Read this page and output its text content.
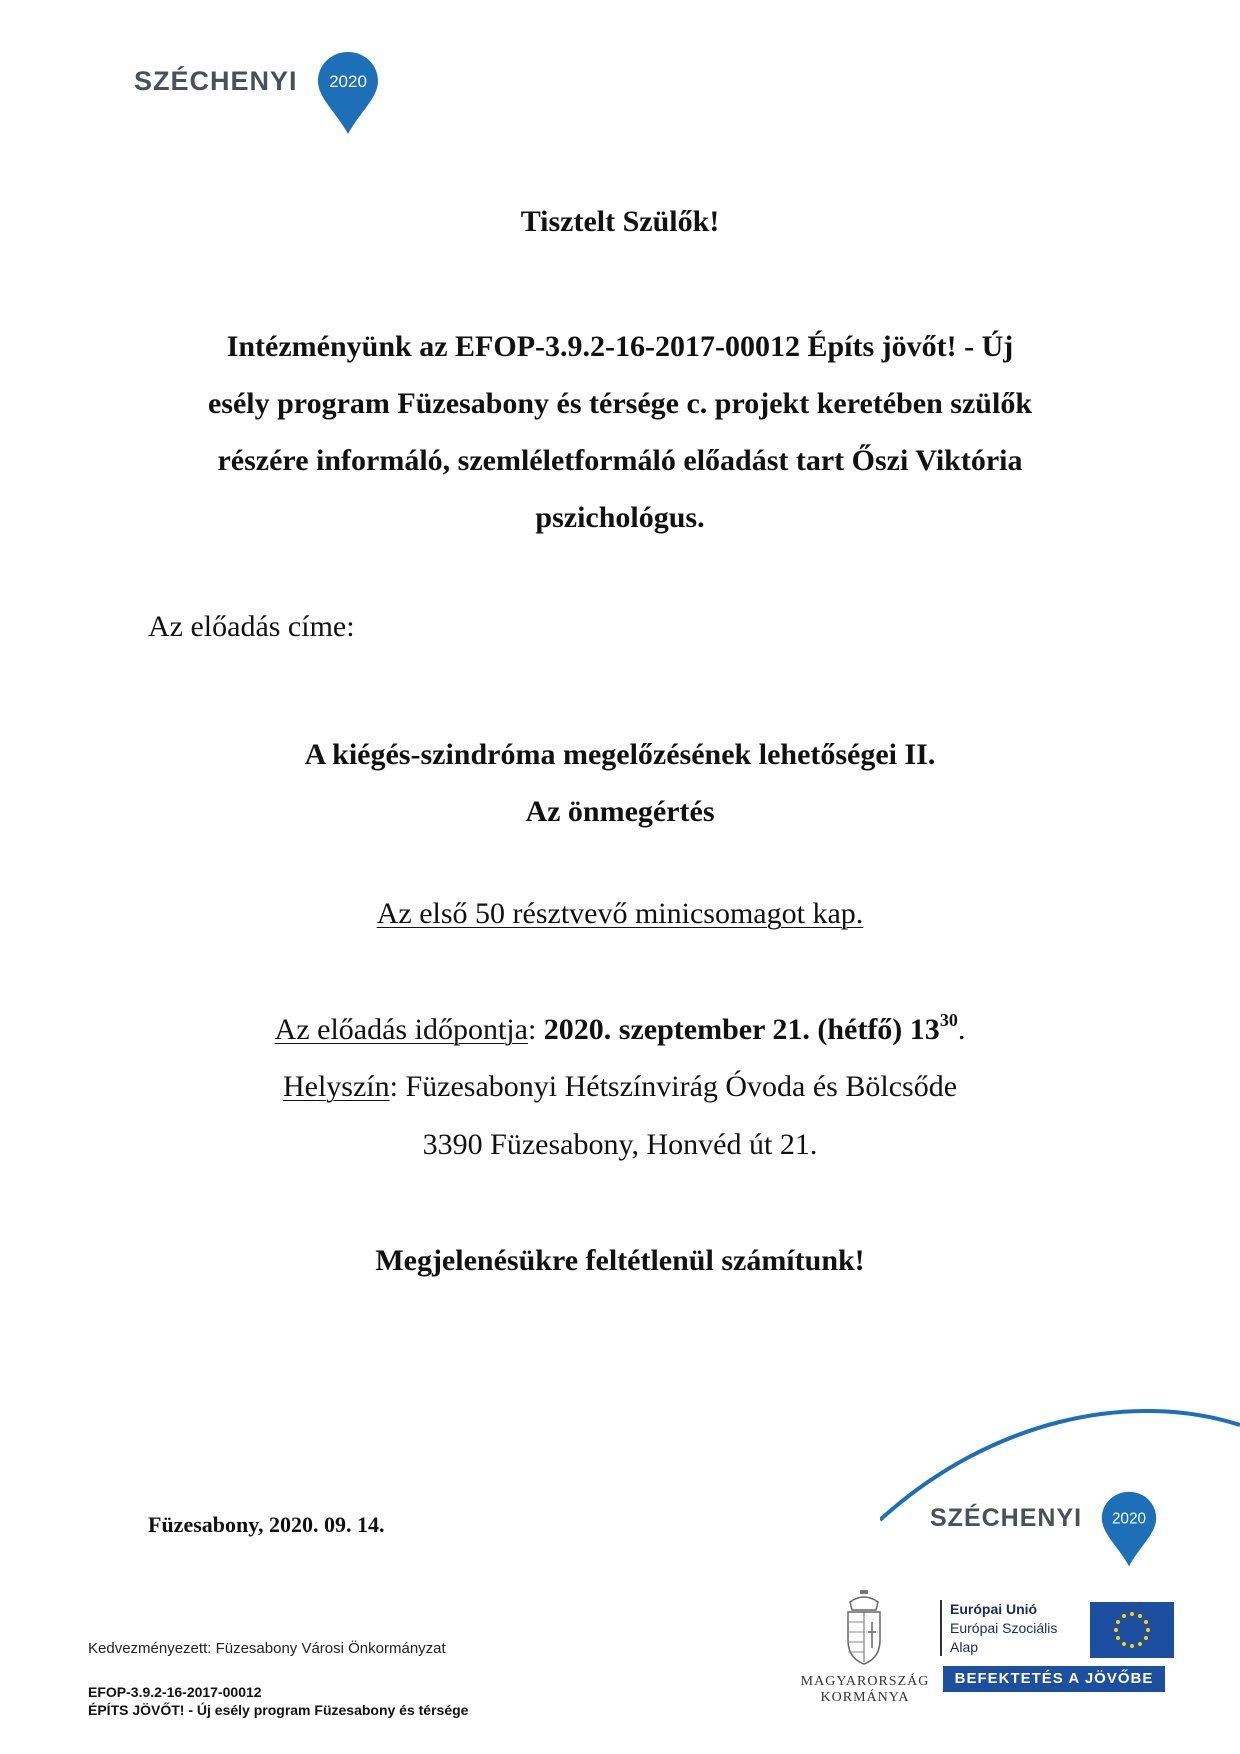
SZÉCHENYI 2020
Tisztelt Szülők!
Intézményünk az EFOP-3.9.2-16-2017-00012 Építs jövőt! - Új
esély program Füzesabony és térsége c. projekt keretében szülők
részére informáló, szemléletformáló előadást tart Őszi Viktória
pszichológus.
Az előadás címe:
A kiégés-szindróma megelőzésének lehetőségei II.
Az önmegértés
Az első 50 résztvevő minicsomagot kap.
Az előadás időpontja: 2020. szeptember 21. (hétfő) $13^{30}$.
Helyszín: Füzesabonyi Hétszínvirág Óvoda és Bölcsőde
3390 Füzesabony, Honvéd út 21.
Megjelenésükre feltétlenül számítunk!
Füzesabony, 2020. 09. 14.	SZÉCHENYI 2020
MAGYARORSZÁG
KORMÁNYA
Európai Unió
Európai Szociális
Alap
BEFEKTETÉS A JÖVŐBE
Kedvezményezett: Füzesabony Városi Önkormányzat
EFOP-3.9.2-16-2017-00012
ÉPÍTS JÖVŐT! - Új esély program Füzesabony és térsége
